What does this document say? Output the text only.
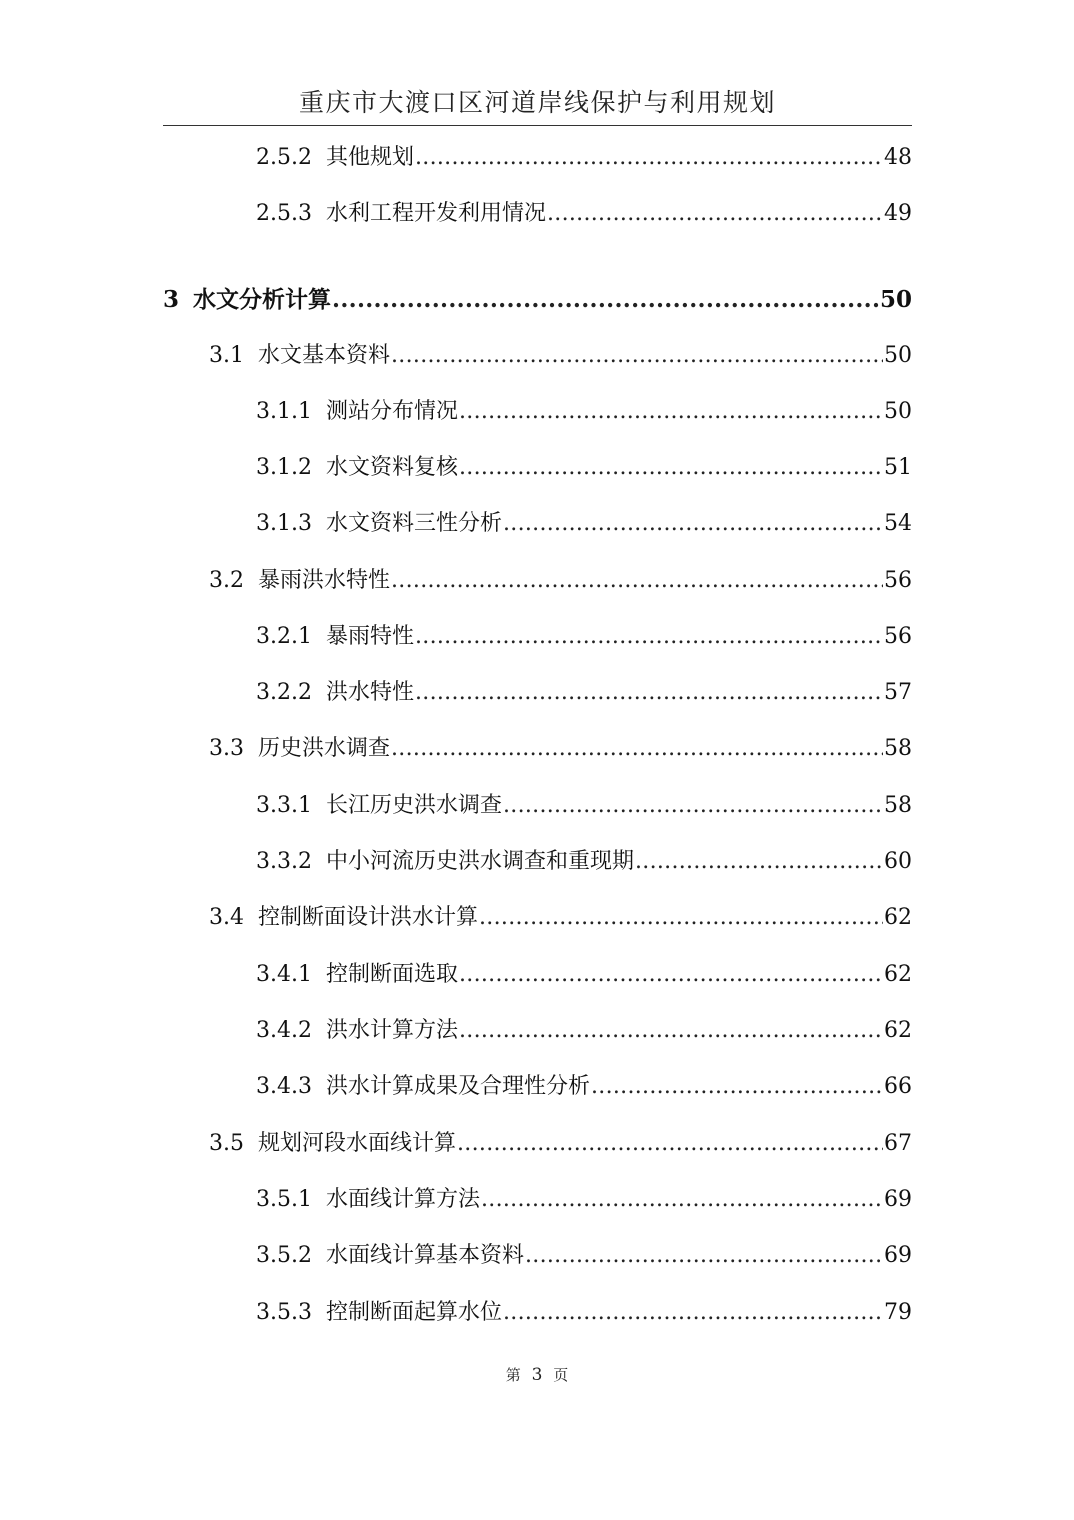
重庆市大渡口区河道岸线保护与利用规划
2.5.2 其他规划 .....	48
2.5.3 水利工程开发利用情况 .....	49
3 水文分析计算 .....	50
3.1 水文基本资料 .....	50
3.1.1 测站分布情况 .....	50
3.1.2 水文资料复核 .....	51
3.1.3 水文资料三性分析 .....	54
3.2 暴雨洪水特性 .....	56
3.2.1 暴雨特性 .....	56
3.2.2 洪水特性 .....	57
3.3 历史洪水调查 .....	58
3.3.1 长江历史洪水调查 .....	58
3.3.2 中小河流历史洪水调查和重现期 .....	60
3.4 控制断面设计洪水计算 .....	62
3.4.1 控制断面选取 .....	62
3.4.2 洪水计算方法 .....	62
3.4.3 洪水计算成果及合理性分析 .....	66
3.5 规划河段水面线计算 .....	67
3.5.1 水面线计算方法 .....	69
3.5.2 水面线计算基本资料 .....	69
3.5.3 控制断面起算水位 .....	79
第 3 页
